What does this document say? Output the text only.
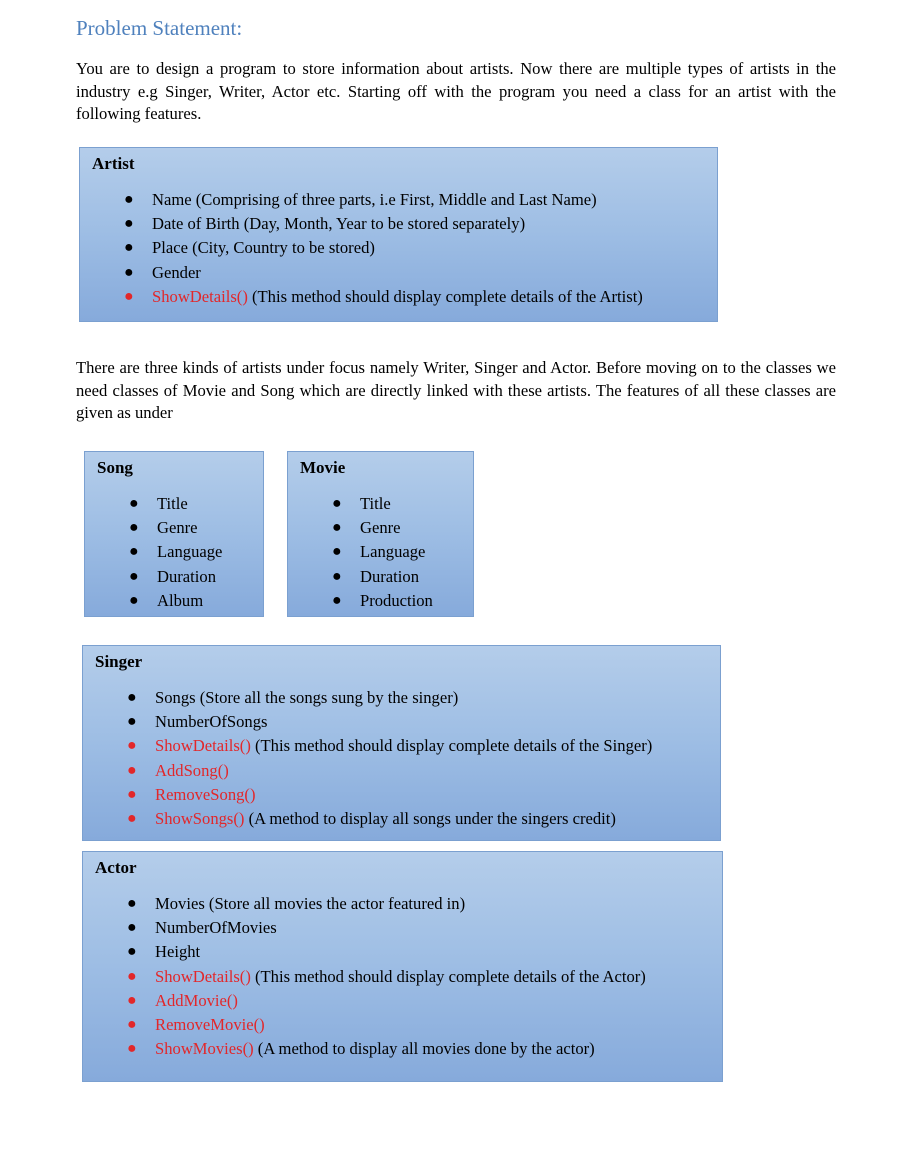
Problem Statement:

You are to design a program to store information about artists. Now there are multiple types of artists in the industry e.g Singer, Writer, Actor etc. Starting off with the program you need a class for an artist with the following features.

Artist
● Name (Comprising of three parts, i.e First, Middle and Last Name)
● Date of Birth (Day, Month, Year to be stored separately)
● Place (City, Country to be stored)
● Gender
● ShowDetails() (This method should display complete details of the Artist)

There are three kinds of artists under focus namely Writer, Singer and Actor. Before moving on to the classes we need classes of Movie and Song which are directly linked with these artists. The features of all these classes are given as under

Song
● Title
● Genre
● Language
● Duration
● Album
Movie
● Title
● Genre
● Language
● Duration
● Production
Singer
● Songs (Store all the songs sung by the singer)
● NumberOfSongs
● ShowDetails() (This method should display complete details of the Singer)
● AddSong()
● RemoveSong()
● ShowSongs() (A method to display all songs under the singers credit)
Actor
● Movies (Store all movies the actor featured in)
● NumberOfMovies
● Height
● ShowDetails() (This method should display complete details of the Actor)
● AddMovie()
● RemoveMovie()
● ShowMovies() (A method to display all movies done by the actor)
